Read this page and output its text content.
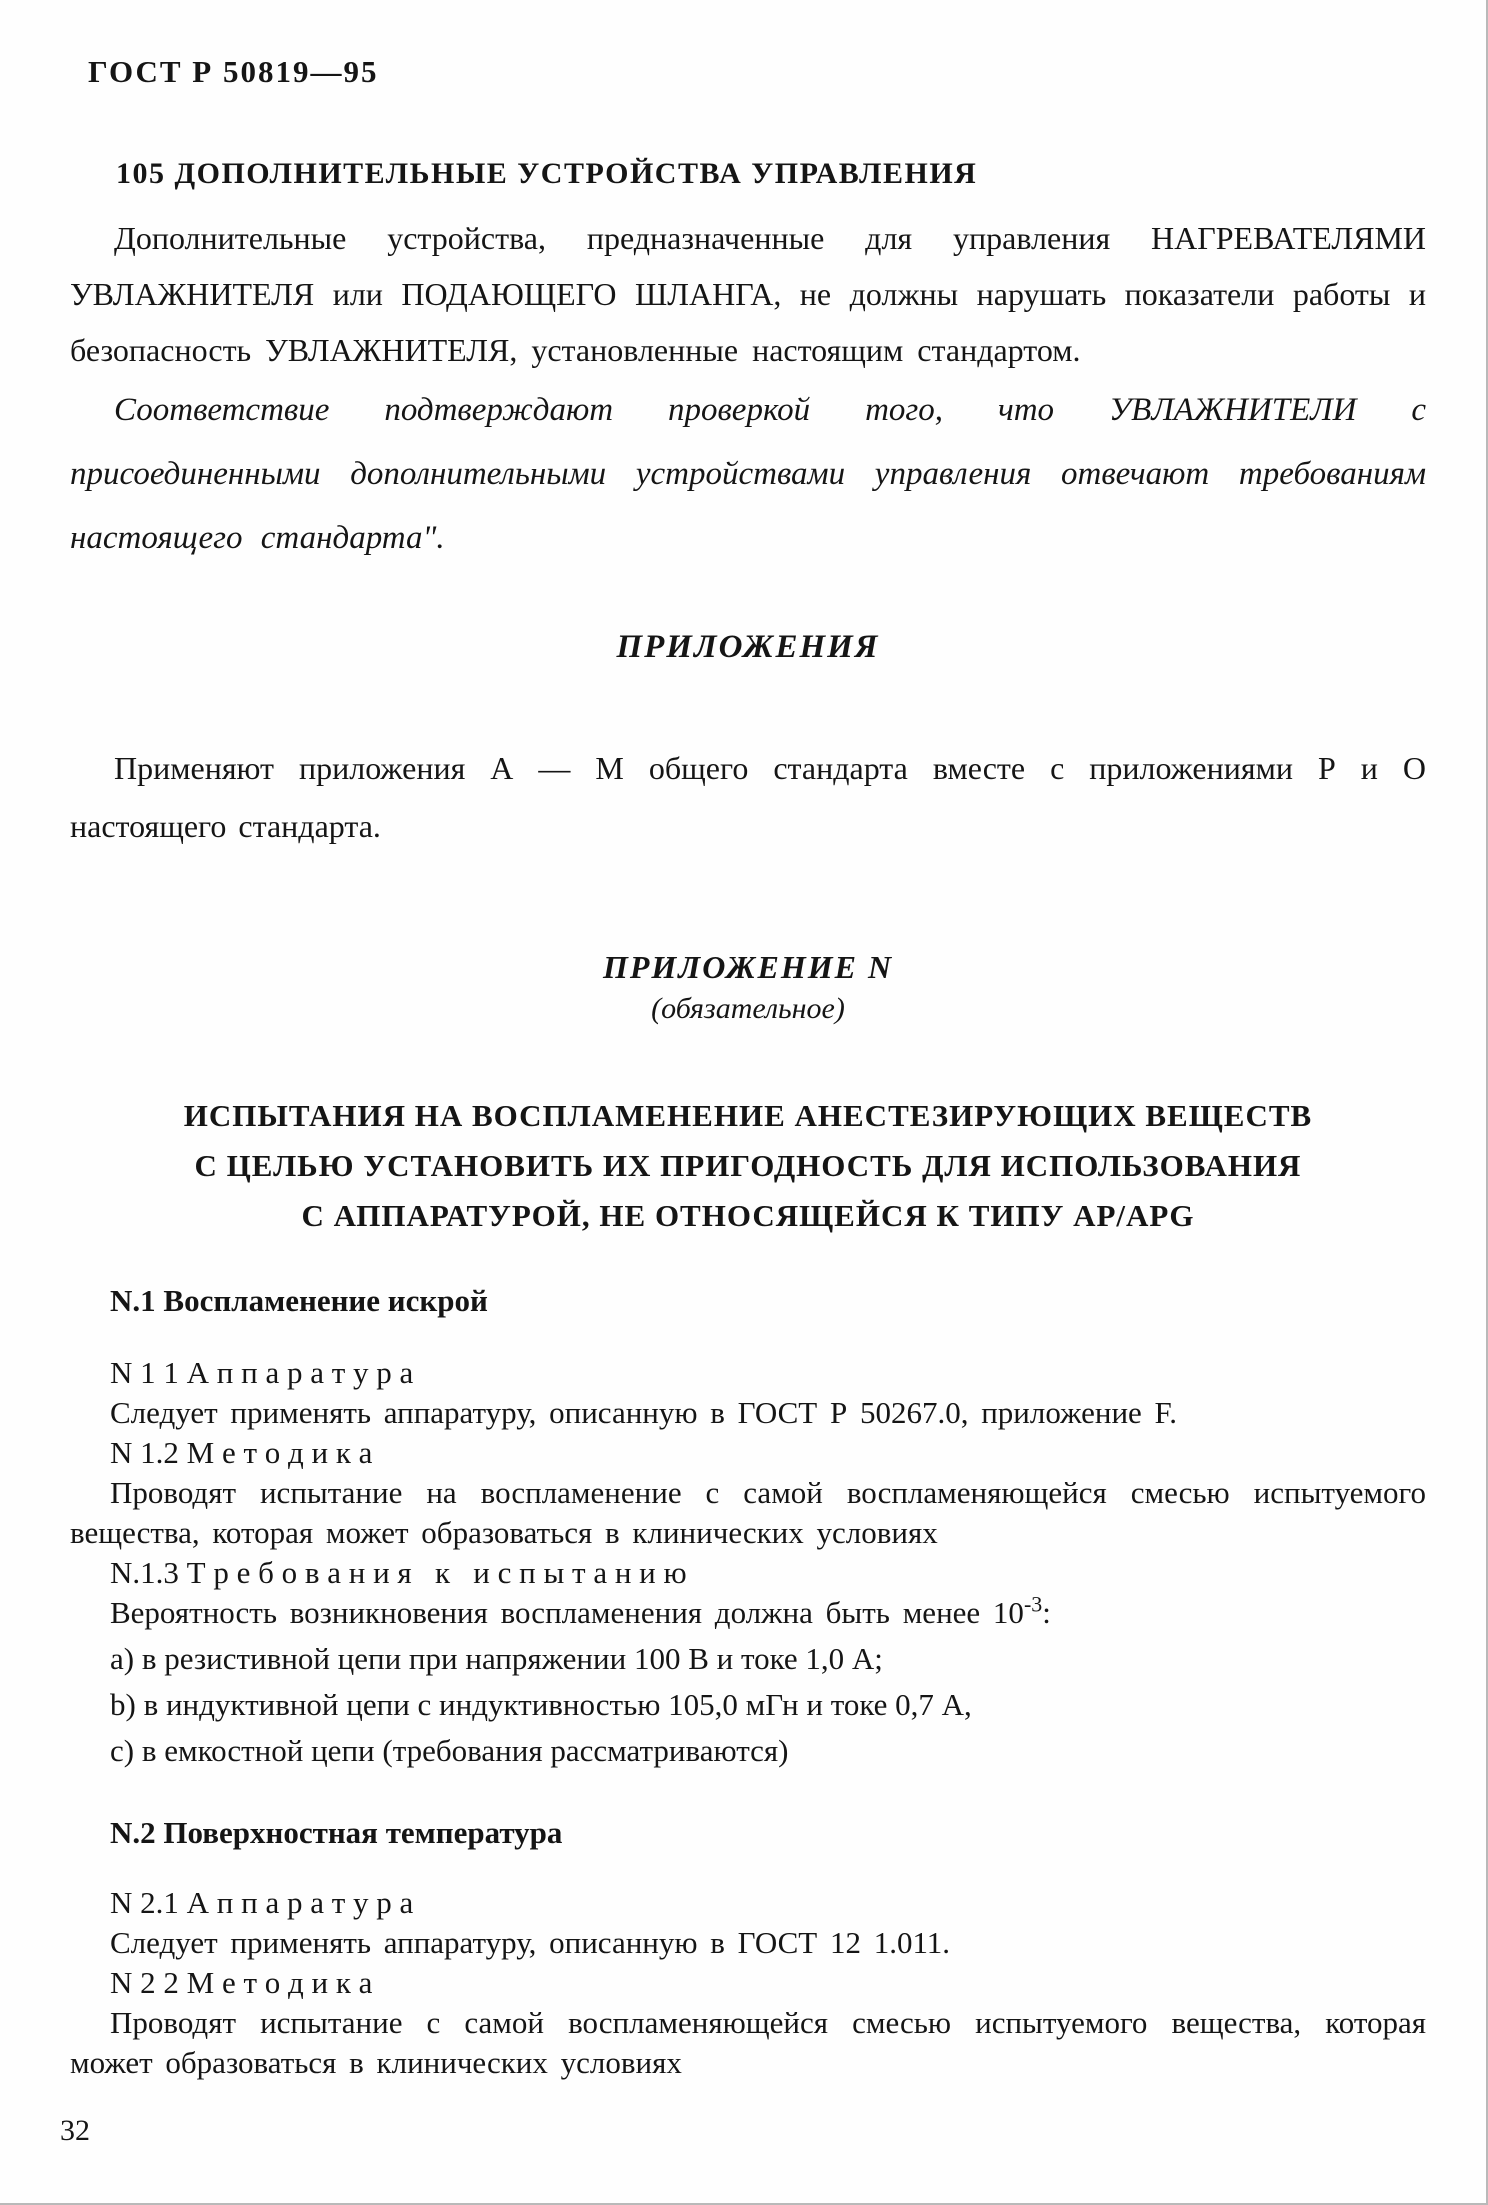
ГОСТ Р 50819—95
105 ДОПОЛНИТЕЛЬНЫЕ УСТРОЙСТВА УПРАВЛЕНИЯ

Дополнительные устройства, предназначенные для управления НАГРЕВАТЕЛЯМИ УВЛАЖНИТЕЛЯ или ПОДАЮЩЕГО ШЛАНГА, не должны нарушать показатели работы и безопасность УВЛАЖНИТЕЛЯ, установленные настоящим стандартом.

Соответствие подтверждают проверкой того, что УВЛАЖНИТЕЛИ с присоединенными дополнительными устройствами управления отвечают требованиям настоящего стандарта".

ПРИЛОЖЕНИЯ

Применяют приложения А — М общего стандарта вместе с приложениями Р и О настоящего стандарта.

ПРИЛОЖЕНИЕ N
(обязательное)
ИСПЫТАНИЯ НА ВОСПЛАМЕНЕНИЕ АНЕСТЕЗИРУЮЩИХ ВЕЩЕСТВ
С ЦЕЛЬЮ УСТАНОВИТЬ ИХ ПРИГОДНОСТЬ ДЛЯ ИСПОЛЬЗОВАНИЯ
С АППАРАТУРОЙ, НЕ ОТНОСЯЩЕЙСЯ К ТИПУ AP/APG
N.1 Воспламенение искрой

N 1 1 А п п а р а т у р а

Следует применять аппаратуру, описанную в ГОСТ Р 50267.0, приложение F.

N 1.2 М е т о д и к а

Проводят испытание на воспламенение с самой воспламеняющейся смесью испытуемого вещества, которая может образоваться в клинических условиях

N.1.3 Т р е б о в а н и я   к   и с п ы т а н и ю

Вероятность возникновения воспламенения должна быть менее $10^{-3}$:

a) в резистивной цепи при напряжении 100 В и токе 1,0 А;

b) в индуктивной цепи с индуктивностью 105,0 мГн и токе 0,7 А,

c) в емкостной цепи (требования рассматриваются)

N.2 Поверхностная температура

N 2.1 А п п а р а т у р а

Следует применять аппаратуру, описанную в ГОСТ 12 1.011.

N 2 2 М е т о д и к а

Проводят испытание с самой воспламеняющейся смесью испытуемого вещества, которая может образоваться в клинических условиях

32
